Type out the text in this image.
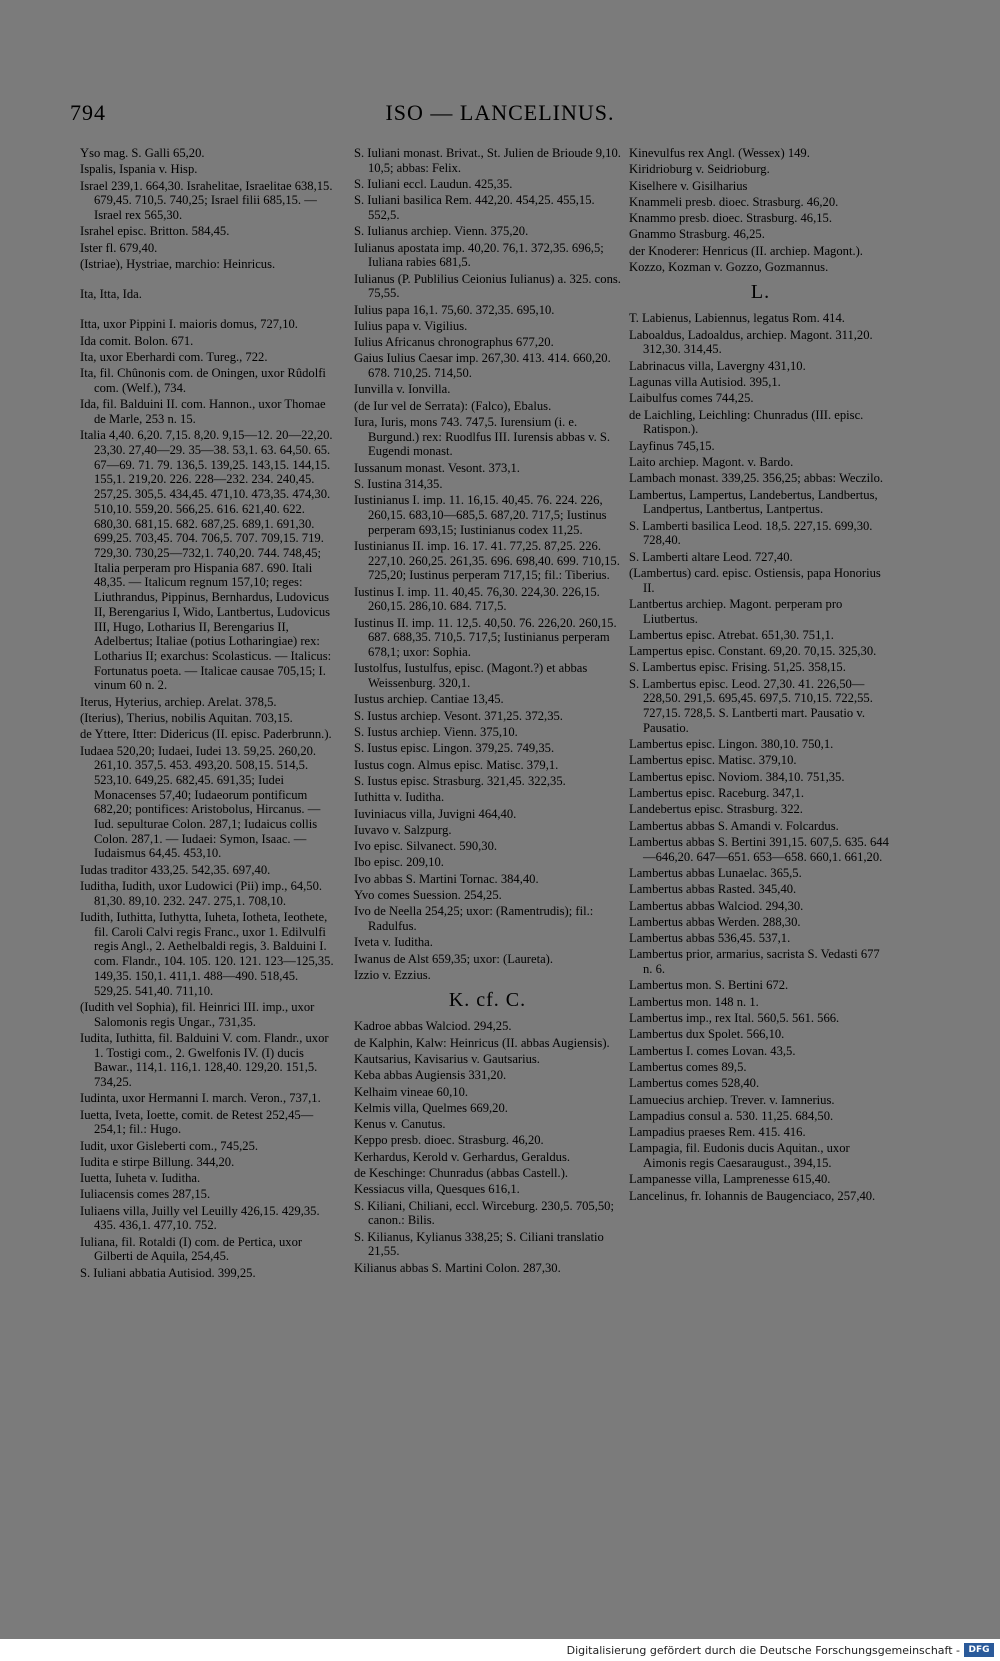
794	ISO — LANCELINUS.
Yso mag. S. Galli 65,20.
Ispalis, Ispania v. Hisp.
Israel 239,1. 664,30. Israhelitae, Israelitae 638,15. 679,45. 710,5. 740,25; Israel filii 685,15. — Israel rex 565,30.
Israhel episc. Britton. 584,45.
Ister fl. 679,40.
(Istriae), Hystriae, marchio: Heinricus.
Ita, Itta, Ida.
Itta, uxor Pippini I. maioris domus, 727,10.
Ida comit. Bolon. 671.
Ita, uxor Eberhardi com. Tureg., 722.
Ita, fil. Chûnonis com. de Oningen, uxor Rûdolfi com. (Welf.), 734.
Ida, fil. Balduini II. com. Hannon., uxor Thomae de Marle, 253 n. 15.
Italia 4,40. 6,20. 7,15. 8,20. 9,15—12. 20—22,20. 23,30. 27,40—29. 35—38. 53,1. 63. 64,50. 65. 67—69. 71. 79. 136,5. 139,25. 143,15. 144,15. 155,1. 219,20. 226. 228—232. 234. 240,45. 257,25. 305,5. 434,45. 471,10. 473,35. 474,30. 510,10. 559,20. 566,25. 616. 621,40. 622. 680,30. 681,15. 682. 687,25. 689,1. 691,30. 699,25. 703,45. 704. 706,5. 707. 709,15. 719. 729,30. 730,25—732,1. 740,20. 744. 748,45; Italia perperam pro Hispania 687. 690. Itali 48,35. — Italicum regnum 157,10; reges: Liuthrandus, Pippinus, Bernhardus, Ludovicus II, Berengarius I, Wido, Lantbertus, Ludovicus III, Hugo, Lotharius II, Berengarius II, Adelbertus; Italiae (potius Lotharingiae) rex: Lotharius II; exarchus: Scolasticus. — Italicus: Fortunatus poeta. — Italicae causae 705,15; I. vinum 60 n. 2.
Iterus, Hyterius, archiep. Arelat. 378,5.
(Iterius), Therius, nobilis Aquitan. 703,15.
de Yttere, Itter: Didericus (II. episc. Paderbrunn.).
Iudaea 520,20; Iudaei, Iudei 13. 59,25. 260,20. 261,10. 357,5. 453. 493,20. 508,15. 514,5. 523,10. 649,25. 682,45. 691,35; Iudei Monacenses 57,40; Iudaeorum pontificum 682,20; pontifices: Aristobolus, Hircanus. — Iud. sepulturae Colon. 287,1; Iudaicus collis Colon. 287,1. — Iudaei: Symon, Isaac. — Iudaismus 64,45. 453,10.
Iudas traditor 433,25. 542,35. 697,40.
Iuditha, Iudith, uxor Ludowici (Pii) imp., 64,50. 81,30. 89,10. 232. 247. 275,1. 708,10.
Iudith, Iuthitta, Iuthytta, Iuheta, Iotheta, Ieothete, fil. Caroli Calvi regis Franc., uxor 1. Edilvulfi regis Angl., 2. Aethelbaldi regis, 3. Balduini I. com. Flandr., 104. 105. 120. 121. 123—125,35. 149,35. 150,1. 411,1. 488—490. 518,45. 529,25. 541,40. 711,10.
(Iudith vel Sophia), fil. Heinrici III. imp., uxor Salomonis regis Ungar., 731,35.
Iudita, Iuthitta, fil. Balduini V. com. Flandr., uxor 1. Tostigi com., 2. Gwelfonis IV. (I) ducis Bawar., 114,1. 116,1. 128,40. 129,20. 151,5. 734,25.
Iudinta, uxor Hermanni I. march. Veron., 737,1.
Iuetta, Iveta, Ioette, comit. de Retest 252,45—254,1; fil.: Hugo.
Iudit, uxor Gisleberti com., 745,25.
Iudita e stirpe Billung. 344,20.
Iuetta, Iuheta v. Iuditha.
Iuliacensis comes 287,15.
Iuliaens villa, Juilly vel Leuilly 426,15. 429,35. 435. 436,1. 477,10. 752.
Iuliana, fil. Rotaldi (I) com. de Pertica, uxor Gilberti de Aquila, 254,45.
S. Iuliani abbatia Autisiod. 399,25.
S. Iuliani monast. Brivat., St. Julien de Brioude 9,10. 10,5; abbas: Felix.
S. Iuliani eccl. Laudun. 425,35.
S. Iuliani basilica Rem. 442,20. 454,25. 455,15. 552,5.
S. Iulianus archiep. Vienn. 375,20.
Iulianus apostata imp. 40,20. 76,1. 372,35. 696,5; Iuliana rabies 681,5.
Iulianus (P. Publilius Ceionius Iulianus) a. 325. cons. 75,55.
Iulius papa 16,1. 75,60. 372,35. 695,10.
Iulius papa v. Vigilius.
Iulius Africanus chronographus 677,20.
Gaius Iulius Caesar imp. 267,30. 413. 414. 660,20. 678. 710,25. 714,50.
Iunvilla v. Ionvilla.
(de Iur vel de Serrata): (Falco), Ebalus.
Iura, Iuris, mons 743. 747,5. Iurensium (i. e. Burgund.) rex: Ruodlfus III. Iurensis abbas v. S. Eugendi monast.
Iussanum monast. Vesont. 373,1.
S. Iustina 314,35.
Iustinianus I. imp. 11. 16,15. 40,45. 76. 224. 226, 260,15. 683,10—685,5. 687,20. 717,5; Iustinus perperam 693,15; Iustinianus codex 11,25.
Iustinianus II. imp. 16. 17. 41. 77,25. 87,25. 226. 227,10. 260,25. 261,35. 696. 698,40. 699. 710,15. 725,20; Iustinus perperam 717,15; fil.: Tiberius.
Iustinus I. imp. 11. 40,45. 76,30. 224,30. 226,15. 260,15. 286,10. 684. 717,5.
Iustinus II. imp. 11. 12,5. 40,50. 76. 226,20. 260,15. 687. 688,35. 710,5. 717,5; Iustinianus perperam 678,1; uxor: Sophia.
Iustolfus, Iustulfus, episc. (Magont.?) et abbas Weissenburg. 320,1.
Iustus archiep. Cantiae 13,45.
S. Iustus archiep. Vesont. 371,25. 372,35.
S. Iustus archiep. Vienn. 375,10.
S. Iustus episc. Lingon. 379,25. 749,35.
Iustus cogn. Almus episc. Matisc. 379,1.
S. Iustus episc. Strasburg. 321,45. 322,35.
Iuthitta v. Iuditha.
Iuviniacus villa, Juvigni 464,40.
Iuvavo v. Salzpurg.
Ivo episc. Silvanect. 590,30.
Ibo episc. 209,10.
Ivo abbas S. Martini Tornac. 384,40.
Yvo comes Suession. 254,25.
Ivo de Neella 254,25; uxor: (Ramentrudis); fil.: Radulfus.
Iveta v. Iuditha.
Iwanus de Alst 659,35; uxor: (Laureta).
Izzio v. Ezzius.
K. cf. C.
Kadroe abbas Walciod. 294,25.
de Kalphin, Kalw: Heinricus (II. abbas Augiensis).
Kautsarius, Kavisarius v. Gautsarius.
Keba abbas Augiensis 331,20.
Kelhaim vineae 60,10.
Kelmis villa, Quelmes 669,20.
Kenus v. Canutus.
Keppo presb. dioec. Strasburg. 46,20.
Kerhardus, Kerold v. Gerhardus, Geraldus.
de Keschinge: Chunradus (abbas Castell.).
Kessiacus villa, Quesques 616,1.
S. Kiliani, Chiliani, eccl. Wirceburg. 230,5. 705,50; canon.: Bilis.
S. Kilianus, Kylianus 338,25; S. Ciliani translatio 21,55.
Kilianus abbas S. Martini Colon. 287,30.
Kinevulfus rex Angl. (Wessex) 149.
Kiridrioburg v. Seidrioburg.
Kiselhere v. Gisilharius
Knammeli presb. dioec. Strasburg. 46,20.
Knammo presb. dioec. Strasburg. 46,15.
Gnammo Strasburg. 46,25.
der Knoderer: Henricus (II. archiep. Magont.).
Kozzo, Kozman v. Gozzo, Gozmannus.
L.
T. Labienus, Labiennus, legatus Rom. 414.
Laboaldus, Ladoaldus, archiep. Magont. 311,20. 312,30. 314,45.
Labrinacus villa, Lavergny 431,10.
Lagunas villa Autisiod. 395,1.
Laibulfus comes 744,25.
de Laichling, Leichling: Chunradus (III. episc. Ratispon.).
Layfinus 745,15.
Laito archiep. Magont. v. Bardo.
Lambach monast. 339,25. 356,25; abbas: Weczilo.
Lambertus, Lampertus, Landebertus, Landbertus, Landpertus, Lantbertus, Lantpertus.
S. Lamberti basilica Leod. 18,5. 227,15. 699,30. 728,40.
S. Lamberti altare Leod. 727,40.
(Lambertus) card. episc. Ostiensis, papa Honorius II.
Lantbertus archiep. Magont. perperam pro Liutbertus.
Lambertus episc. Atrebat. 651,30. 751,1.
Lampertus episc. Constant. 69,20. 70,15. 325,30.
S. Lambertus episc. Frising. 51,25. 358,15.
S. Lambertus episc. Leod. 27,30. 41. 226,50—228,50. 291,5. 695,45. 697,5. 710,15. 722,55. 727,15. 728,5. S. Lantberti mart. Pausatio v. Pausatio.
Lambertus episc. Lingon. 380,10. 750,1.
Lambertus episc. Matisc. 379,10.
Lambertus episc. Noviom. 384,10. 751,35.
Lambertus episc. Raceburg. 347,1.
Landebertus episc. Strasburg. 322.
Lambertus abbas S. Amandi v. Folcardus.
Lambertus abbas S. Bertini 391,15. 607,5. 635. 644—646,20. 647—651. 653—658. 660,1. 661,20.
Lambertus abbas Lunaelac. 365,5.
Lambertus abbas Rasted. 345,40.
Lambertus abbas Walciod. 294,30.
Lambertus abbas Werden. 288,30.
Lambertus abbas 536,45. 537,1.
Lambertus prior, armarius, sacrista S. Vedasti 677 n. 6.
Lambertus mon. S. Bertini 672.
Lambertus mon. 148 n. 1.
Lambertus imp., rex Ital. 560,5. 561. 566.
Lambertus dux Spolet. 566,10.
Lambertus I. comes Lovan. 43,5.
Lambertus comes 89,5.
Lambertus comes 528,40.
Lamuecius archiep. Trever. v. Iamnerius.
Lampadius consul a. 530. 11,25. 684,50.
Lampadius praeses Rem. 415. 416.
Lampagia, fil. Eudonis ducis Aquitan., uxor Aimonis regis Caesaraugust., 394,15.
Lampanesse villa, Lamprenesse 615,40.
Lancelinus, fr. Iohannis de Baugenciaco, 257,40.
Digitalisierung gefördert durch die Deutsche Forschungsgemeinschaft - DFG
